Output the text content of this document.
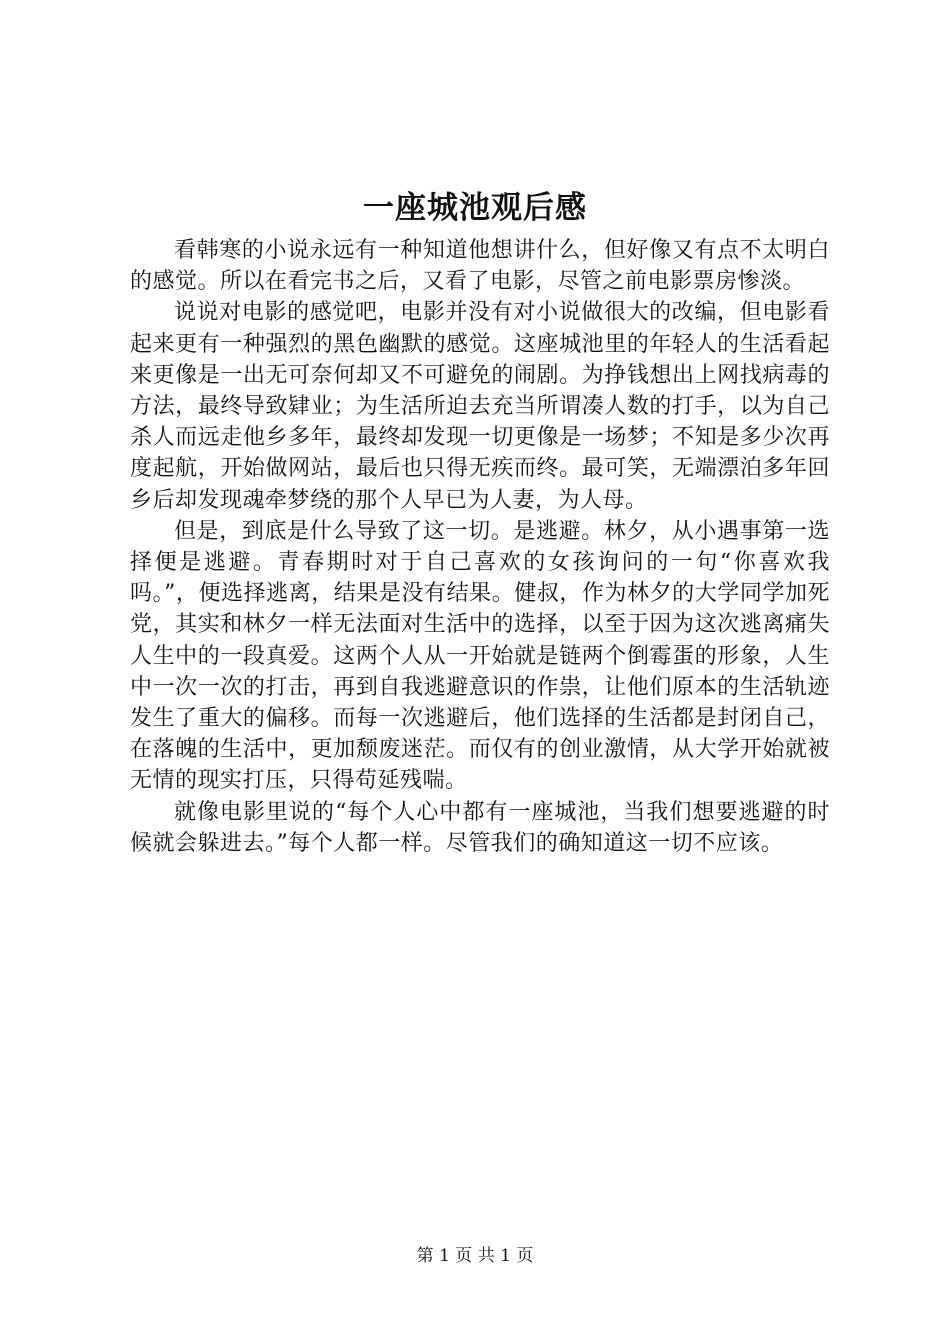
一座城池观后感

看韩寒的小说永远有一种知道他想讲什么，但好像又有点不太明白的感觉。所以在看完书之后，又看了电影，尽管之前电影票房惨淡。

说说对电影的感觉吧，电影并没有对小说做很大的改编，但电影看起来更有一种强烈的黑色幽默的感觉。这座城池里的年轻人的生活看起来更像是一出无可奈何却又不可避免的闹剧。为挣钱想出上网找病毒的方法，最终导致肄业；为生活所迫去充当所谓凑人数的打手，以为自己杀人而远走他乡多年，最终却发现一切更像是一场梦；不知是多少次再度起航，开始做网站，最后也只得无疾而终。最可笑，无端漂泊多年回乡后却发现魂牵梦绕的那个人早已为人妻，为人母。

但是，到底是什么导致了这一切。是逃避。林夕，从小遇事第一选择便是逃避。青春期时对于自己喜欢的女孩询问的一句“你喜欢我吗。”，便选择逃离，结果是没有结果。健叔，作为林夕的大学同学加死党，其实和林夕一样无法面对生活中的选择，以至于因为这次逃离痛失人生中的一段真爱。这两个人从一开始就是链两个倒霉蛋的形象，人生中一次一次的打击，再到自我逃避意识的作祟，让他们原本的生活轨迹发生了重大的偏移。而每一次逃避后，他们选择的生活都是封闭自己，在落魄的生活中，更加颓废迷茫。而仅有的创业激情，从大学开始就被无情的现实打压，只得苟延残喘。

就像电影里说的“每个人心中都有一座城池，当我们想要逃避的时候就会躲进去。”每个人都一样。尽管我们的确知道这一切不应该。

第 1 页 共 1 页
